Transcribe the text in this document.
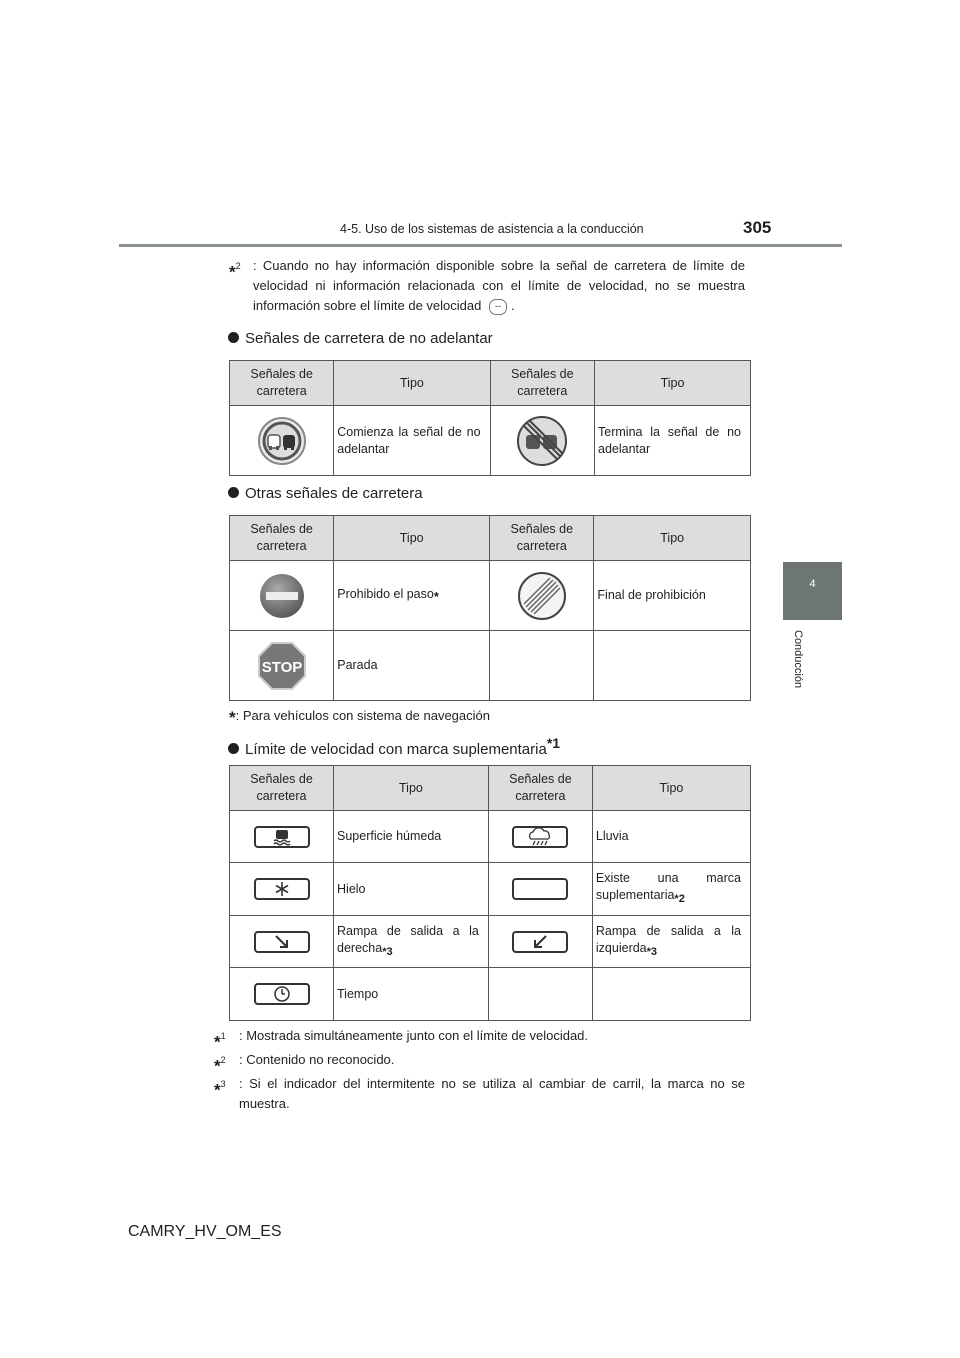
4-5. Uso de los sistemas de asistencia a la conducción	305
4
Conducción
*$^2$ : Cuando no hay información disponible sobre la señal de carretera de límite de velocidad ni información relacionada con el límite de velocidad, no se muestra información sobre el límite de velocidad -- .
Señales de carretera de no adelantar
Señales de carretera	Tipo	Señales de carretera	Tipo

	Comienza la señal de no adelantar		Termina la señal de no adelantar
Otras señales de carretera
Señales de carretera	Tipo	Señales de carretera	Tipo

	Prohibido el paso*		Final de prohibición

STOP	Parada		
*: Para vehículos con sistema de navegación
Límite de velocidad con marca suplementaria$^{*1}$
Señales de carretera	Tipo	Señales de carretera	Tipo

	Superficie húmeda		Lluvia

	Hielo		Existe una marca suplementaria$^{*2}$

	Rampa de salida a la derecha$^{*3}$		Rampa de salida a la izquierda$^{*3}$

	Tiempo		
*$^1$	: Mostrada simultáneamente junto con el límite de velocidad.
*$^2$	: Contenido no reconocido.
*$^3$	: Si el indicador del intermitente no se utiliza al cambiar de carril, la marca no se muestra.
CAMRY_HV_OM_ES
